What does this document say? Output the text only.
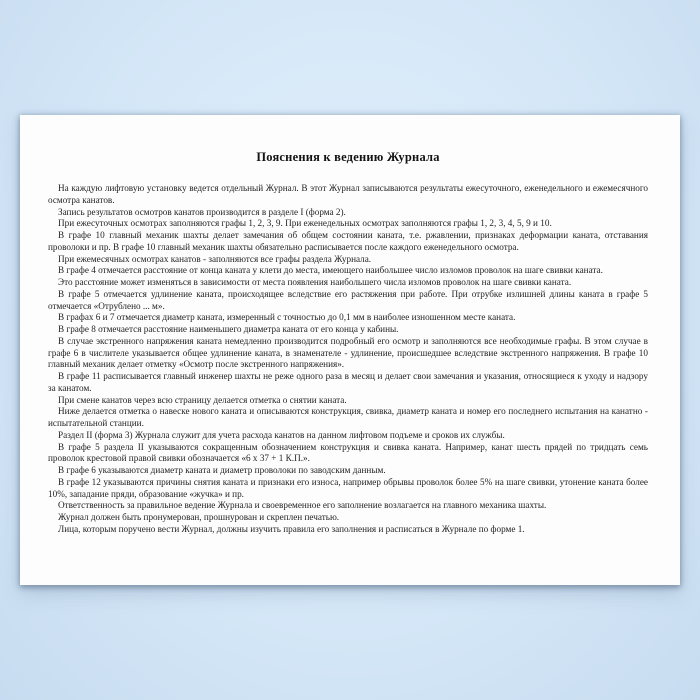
Пояснения к ведению Журнала

На каждую лифтовую установку ведется отдельный Журнал. В этот Журнал записываются результаты ежесуточного, еженедельного и ежемесячного осмотра канатов.

Запись результатов осмотров канатов производится в разделе I (форма 2).

При ежесуточных осмотрах заполняются графы 1, 2, 3, 9. При еженедельных осмотрах заполняются графы 1, 2, 3, 4, 5, 9 и 10.

В графе 10 главный механик шахты делает замечания об общем состоянии каната, т.е. ржавлении, признаках деформации каната, отставания проволоки и пр. В графе 10 главный механик шахты обязательно расписывается после каждого еженедельного осмотра.

При ежемесячных осмотрах канатов - заполняются все графы раздела Журнала.

В графе 4 отмечается расстояние от конца каната у клети до места, имеющего наибольшее число изломов проволок на шаге свивки каната.

Это расстояние может изменяться в зависимости от места появления наибольшего числа изломов проволок на шаге свивки каната.

В графе 5 отмечается удлинение каната, происходящее вследствие его растяжения при работе. При отрубке излишней длины каната в графе 5 отмечается «Отрублено ... м».

В графах 6 и 7 отмечается диаметр каната, измеренный с точностью до 0,1 мм в наиболее изношенном месте каната.

В графе 8 отмечается расстояние наименьшего диаметра каната от его конца у кабины.

В случае экстренного напряжения каната немедленно производится подробный его осмотр и заполняются все необходимые графы. В этом случае в графе 6 в числителе указывается общее удлинение каната, в знаменателе - удлинение, происшедшее вследствие экстренного напряжения. В графе 10 главный механик делает отметку «Осмотр после экстренного напряжения».

В графе 11 расписывается главный инженер шахты не реже одного раза в месяц и делает свои замечания и указания, относящиеся к уходу и надзору за канатом.

При смене канатов через всю страницу делается отметка о снятии каната.

Ниже делается отметка о навеске нового каната и описываются конструкция, свивка, диаметр каната и номер его последнего испытания на канатно - испытательной станции.

Раздел II (форма 3) Журнала служит для учета расхода канатов на данном лифтовом подъеме и сроков их службы.

В графе 5 раздела II указываются сокращенным обозначением конструкция и свивка каната. Например, канат шесть прядей по тридцать семь проволок крестовой правой свивки обозначается «6 х 37 + 1 К.П.».

В графе 6 указываются диаметр каната и диаметр проволоки по заводским данным.

В графе 12 указываются причины снятия каната и признаки его износа, например обрывы проволок более 5% на шаге свивки, утонение каната более 10%, западание пряди, образование «жучка» и пр.

Ответственность за правильное ведение Журнала и своевременное его заполнение возлагается на главного механика шахты.

Журнал должен быть пронумерован, прошнурован и скреплен печатью.

Лица, которым поручено вести Журнал, должны изучить правила его заполнения и расписаться в Журнале по форме 1.
